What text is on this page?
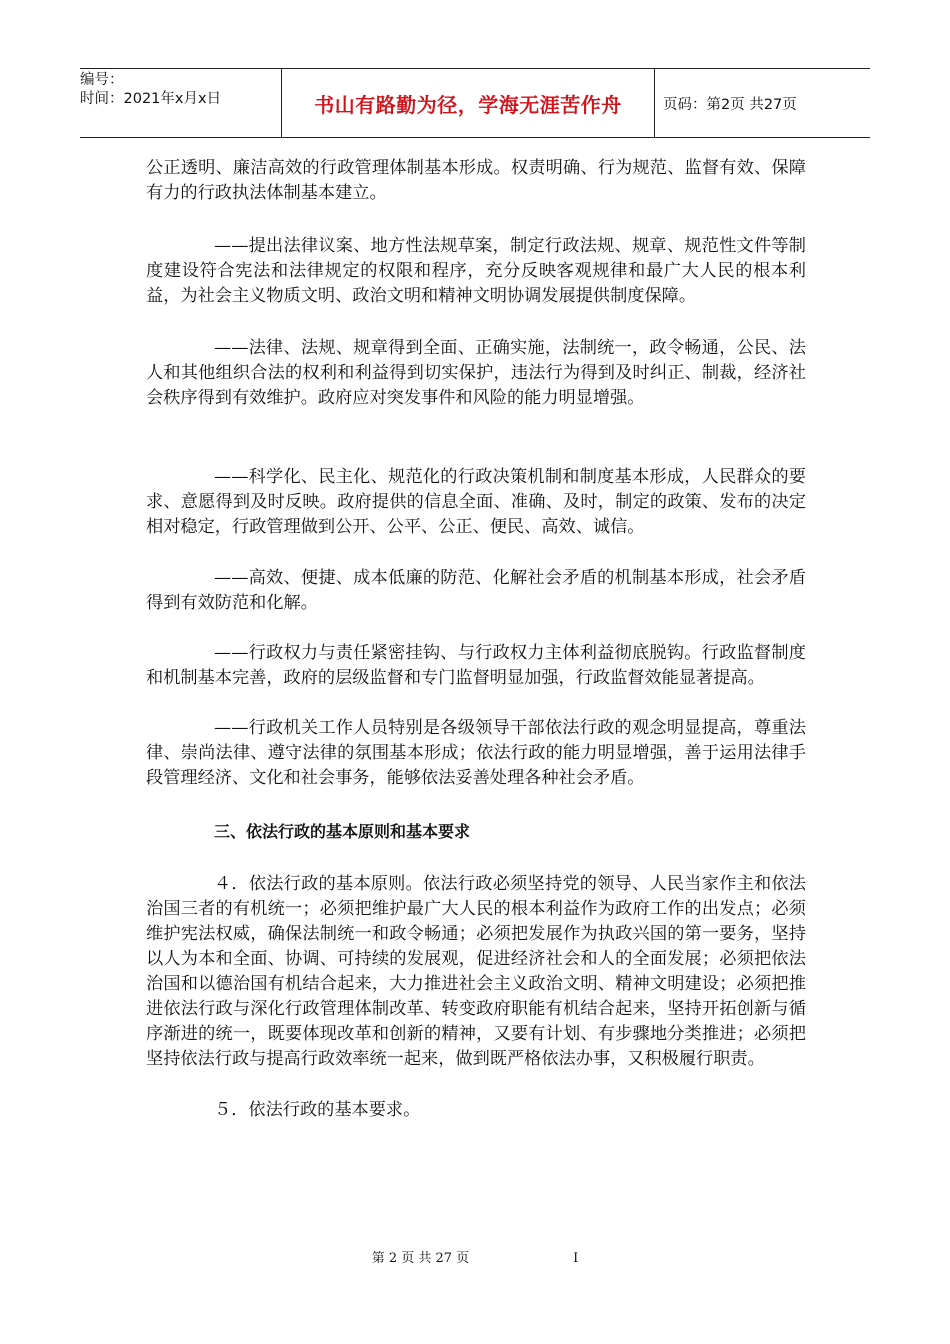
编号：
时间：2021年x月x日	书山有路勤为径，学海无涯苦作舟	页码：第2页 共27页

公正透明、廉洁高效的行政管理体制基本形成。权责明确、行为规范、监督有效、保障有力的行政执法体制基本建立。

——提出法律议案、地方性法规草案，制定行政法规、规章、规范性文件等制度建设符合宪法和法律规定的权限和程序，充分反映客观规律和最广大人民的根本利益，为社会主义物质文明、政治文明和精神文明协调发展提供制度保障。

——法律、法规、规章得到全面、正确实施，法制统一，政令畅通，公民、法人和其他组织合法的权利和利益得到切实保护，违法行为得到及时纠正、制裁，经济社会秩序得到有效维护。政府应对突发事件和风险的能力明显增强。

——科学化、民主化、规范化的行政决策机制和制度基本形成，人民群众的要求、意愿得到及时反映。政府提供的信息全面、准确、及时，制定的政策、发布的决定相对稳定，行政管理做到公开、公平、公正、便民、高效、诚信。

——高效、便捷、成本低廉的防范、化解社会矛盾的机制基本形成，社会矛盾得到有效防范和化解。

——行政权力与责任紧密挂钩、与行政权力主体利益彻底脱钩。行政监督制度和机制基本完善，政府的层级监督和专门监督明显加强，行政监督效能显著提高。

——行政机关工作人员特别是各级领导干部依法行政的观念明显提高，尊重法律、崇尚法律、遵守法律的氛围基本形成；依法行政的能力明显增强，善于运用法律手段管理经济、文化和社会事务，能够依法妥善处理各种社会矛盾。

三、依法行政的基本原则和基本要求

４．依法行政的基本原则。依法行政必须坚持党的领导、人民当家作主和依法治国三者的有机统一；必须把维护最广大人民的根本利益作为政府工作的出发点；必须维护宪法权威，确保法制统一和政令畅通；必须把发展作为执政兴国的第一要务，坚持以人为本和全面、协调、可持续的发展观，促进经济社会和人的全面发展；必须把依法治国和以德治国有机结合起来，大力推进社会主义政治文明、精神文明建设；必须把推进依法行政与深化行政管理体制改革、转变政府职能有机结合起来，坚持开拓创新与循序渐进的统一，既要体现改革和创新的精神，又要有计划、有步骤地分类推进；必须把坚持依法行政与提高行政效率统一起来，做到既严格依法办事，又积极履行职责。

５．依法行政的基本要求。

第 2 页 共 27 页	I
